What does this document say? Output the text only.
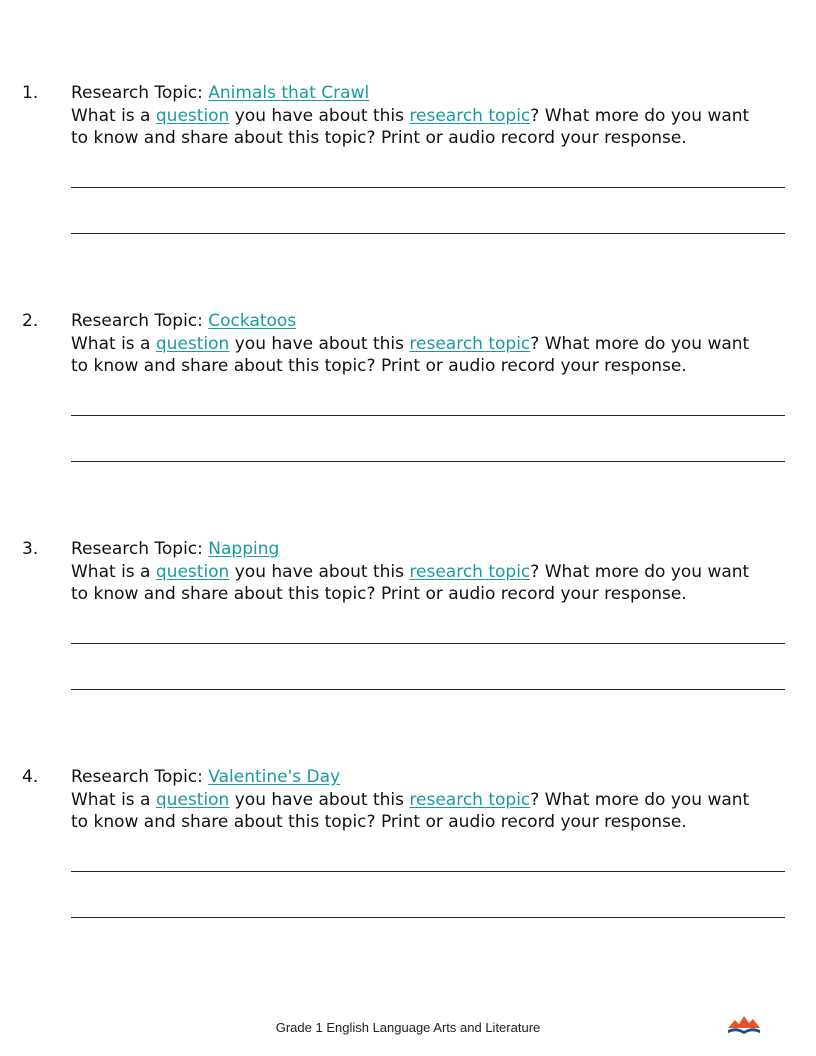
1. Research Topic: Animals that Crawl

What is a question you have about this research topic? What more do you want

to know and share about this topic? Print or audio record your response.

2. Research Topic: Cockatoos

What is a question you have about this research topic? What more do you want

to know and share about this topic? Print or audio record your response.

3. Research Topic: Napping

What is a question you have about this research topic? What more do you want

to know and share about this topic? Print or audio record your response.

4. Research Topic: Valentine's Day

What is a question you have about this research topic? What more do you want

to know and share about this topic? Print or audio record your response.

Grade 1 English Language Arts and Literature
